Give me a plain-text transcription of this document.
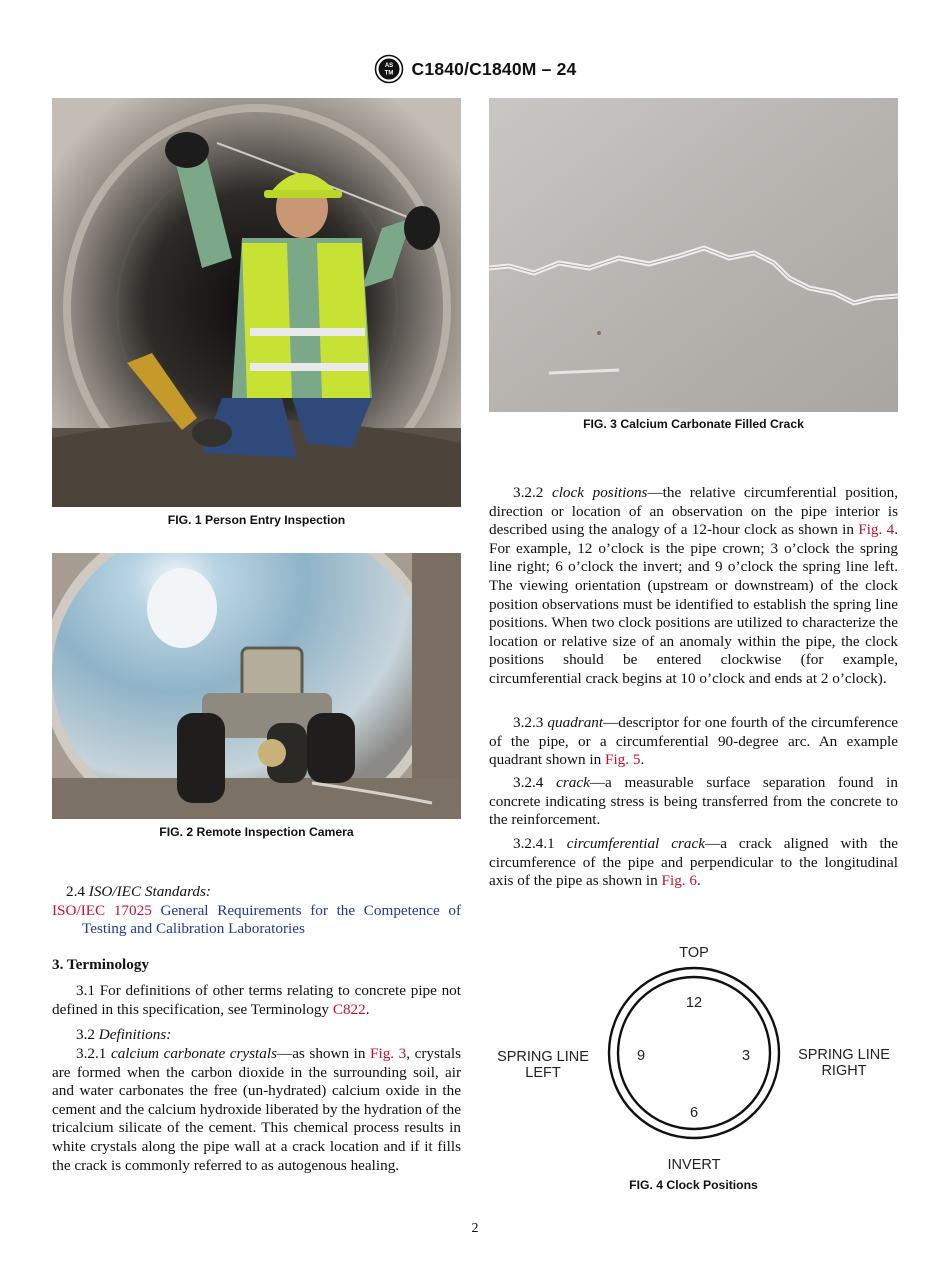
AS
TM C1840/C1840M – 24
FIG. 1 Person Entry Inspection
FIG. 2 Remote Inspection Camera
FIG. 3 Calcium Carbonate Filled Crack
2.4 ISO/IEC Standards:
ISO/IEC 17025 General Requirements for the Competence of Testing and Calibration Laboratories
3. Terminology
3.1 For definitions of other terms relating to concrete pipe not defined in this specification, see Terminology C822.
3.2 Definitions:
3.2.1 calcium carbonate crystals—as shown in Fig. 3, crystals are formed when the carbon dioxide in the surrounding soil, air and water carbonates the free (un-hydrated) calcium oxide in the cement and the calcium hydroxide liberated by the hydration of the tricalcium silicate of the cement. This chemical process results in white crystals along the pipe wall at a crack location and if it fills the crack is commonly referred to as autogenous healing.
3.2.2 clock positions—the relative circumferential position, direction or location of an observation on the pipe interior is described using the analogy of a 12-hour clock as shown in Fig. 4. For example, 12 o’clock is the pipe crown; 3 o’clock the spring line right; 6 o’clock the invert; and 9 o’clock the spring line left. The viewing orientation (upstream or downstream) of the clock position observations must be identified to establish the spring line positions. When two clock positions are utilized to characterize the location or relative size of an anomaly within the pipe, the clock positions should be entered clockwise (for example, circumferential crack begins at 10 o’clock and ends at 2 o’clock).
3.2.3 quadrant—descriptor for one fourth of the circumference of the pipe, or a circumferential 90-degree arc. An example quadrant shown in Fig. 5.
3.2.4 crack—a measurable surface separation found in concrete indicating stress is being transferred from the concrete to the reinforcement.
3.2.4.1 circumferential crack—a crack aligned with the circumference of the pipe and perpendicular to the longitudinal axis of the pipe as shown in Fig. 6.
TOP
INVERT
SPRING LINE
LEFT
SPRING LINE
RIGHT
12
3
6
9
FIG. 4 Clock Positions
2
